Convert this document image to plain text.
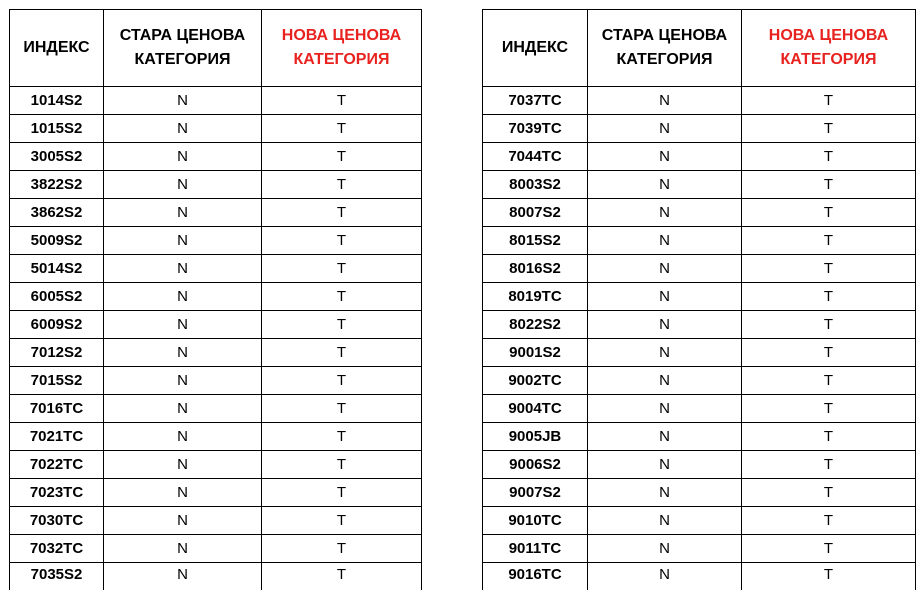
ИНДЕКС	СТАРА ЦЕНОВА КАТЕГОРИЯ	НОВА ЦЕНОВА КАТЕГОРИЯ
1014S2	N	T
1015S2	N	T
3005S2	N	T
3822S2	N	T
3862S2	N	T
5009S2	N	T
5014S2	N	T
6005S2	N	T
6009S2	N	T
7012S2	N	T
7015S2	N	T
7016TC	N	T
7021TC	N	T
7022TC	N	T
7023TC	N	T
7030TC	N	T
7032TC	N	T
7035S2	N	T
ИНДЕКС	СТАРА ЦЕНОВА КАТЕГОРИЯ	НОВА ЦЕНОВА КАТЕГОРИЯ
7037TC	N	T
7039TC	N	T
7044TC	N	T
8003S2	N	T
8007S2	N	T
8015S2	N	T
8016S2	N	T
8019TC	N	T
8022S2	N	T
9001S2	N	T
9002TC	N	T
9004TC	N	T
9005JB	N	T
9006S2	N	T
9007S2	N	T
9010TC	N	T
9011TC	N	T
9016TC	N	T
